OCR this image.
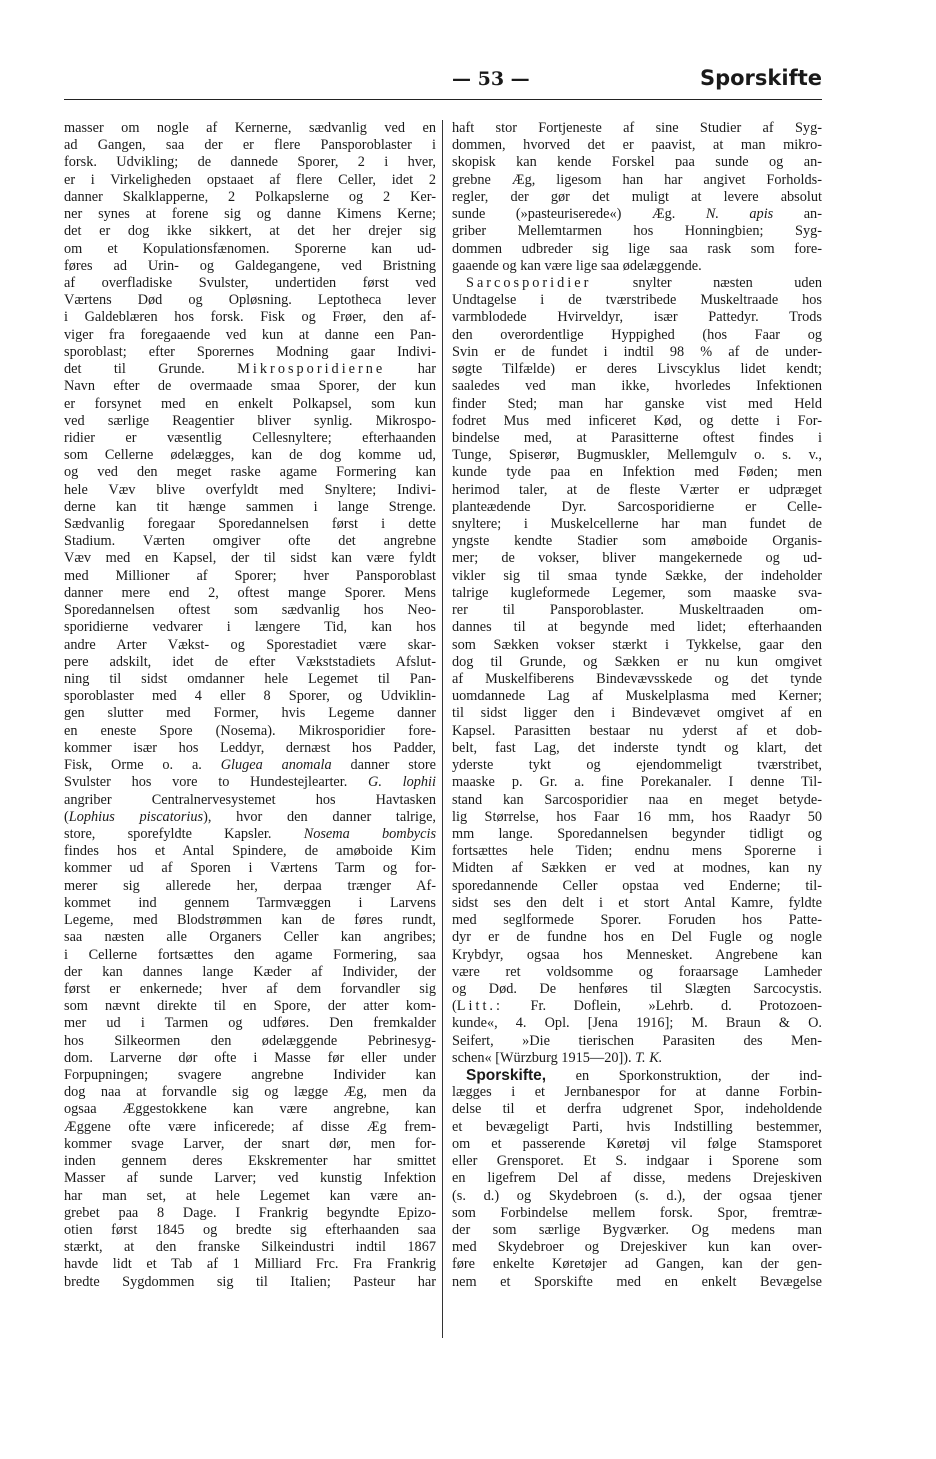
— 53 —	Sporskifte
masser om nogle af Kernerne, sædvanlig ved en
ad Gangen, saa der er flere Pansporoblaster i
forsk. Udvikling; de dannede Sporer, 2 i hver,
er i Virkeligheden opstaaet af flere Celler, idet 2
danner Skalklapperne, 2 Polkapslerne og 2 Ker-
ner synes at forene sig og danne Kimens Kerne;
det er dog ikke sikkert, at det her drejer sig
om et Kopulationsfænomen. Sporerne kan ud-
føres ad Urin- og Galdegangene, ved Bristning
af overfladiske Svulster, undertiden først ved
Værtens Død og Opløsning. Leptotheca lever
i Galdeblæren hos forsk. Fisk og Frøer, den af-
viger fra foregaaende ved kun at danne een Pan-
sporoblast; efter Sporernes Modning gaar Indivi-
det til Grunde. Mikrosporidierne har
Navn efter de overmaade smaa Sporer, der kun
er forsynet med en enkelt Polkapsel, som kun
ved særlige Reagentier bliver synlig. Mikrospo-
ridier er væsentlig Cellesnyltere; efterhaanden
som Cellerne ødelægges, kan de dog komme ud,
og ved den meget raske agame Formering kan
hele Væv blive overfyldt med Snyltere; Indivi-
derne kan tit hænge sammen i lange Strenge.
Sædvanlig foregaar Sporedannelsen først i dette
Stadium. Værten omgiver ofte det angrebne
Væv med en Kapsel, der til sidst kan være fyldt
med Millioner af Sporer; hver Pansporoblast
danner mere end 2, oftest mange Sporer. Mens
Sporedannelsen oftest som sædvanlig hos Neo-
sporidierne vedvarer i længere Tid, kan hos
andre Arter Vækst- og Sporestadiet være skar-
pere adskilt, idet de efter Vækststadiets Afslut-
ning til sidst omdanner hele Legemet til Pan-
sporoblaster med 4 eller 8 Sporer, og Udviklin-
gen slutter med Former, hvis Legeme danner
en eneste Spore (Nosema). Mikrosporidier fore-
kommer især hos Leddyr, dernæst hos Padder,
Fisk, Orme o. a. Glugea anomala danner store
Svulster hos vore to Hundestejlearter. G. lophii
angriber Centralnervesystemet hos Havtasken
(Lophius piscatorius), hvor den danner talrige,
store, sporefyldte Kapsler. Nosema bombycis
findes hos et Antal Spindere, de amøboide Kim
kommer ud af Sporen i Værtens Tarm og for-
merer sig allerede her, derpaa trænger Af-
kommet ind gennem Tarmvæggen i Larvens
Legeme, med Blodstrømmen kan de føres rundt,
saa næsten alle Organers Celler kan angribes;
i Cellerne fortsættes den agame Formering, saa
der kan dannes lange Kæder af Individer, der
først er enkernede; hver af dem forvandler sig
som nævnt direkte til en Spore, der atter kom-
mer ud i Tarmen og udføres. Den fremkalder
hos Silkeormen den ødelæggende Pebrinesyg-
dom. Larverne dør ofte i Masse før eller under
Forpupningen; svagere angrebne Individer kan
dog naa at forvandle sig og lægge Æg, men da
ogsaa Æggestokkene kan være angrebne, kan
Æggene ofte være inficerede; af disse Æg frem-
kommer svage Larver, der snart dør, men for-
inden gennem deres Ekskrementer har smittet
Masser af sunde Larver; ved kunstig Infektion
har man set, at hele Legemet kan være an-
grebet paa 8 Dage. I Frankrig begyndte Epizo-
otien først 1845 og bredte sig efterhaanden saa
stærkt, at den franske Silkeindustri indtil 1867
havde lidt et Tab af 1 Milliard Frc. Fra Frankrig
bredte Sygdommen sig til Italien; Pasteur har
haft stor Fortjeneste af sine Studier af Syg-
dommen, hvorved det er paavist, at man mikro-
skopisk kan kende Forskel paa sunde og an-
grebne Æg, ligesom han har angivet Forholds-
regler, der gør det muligt at levere absolut
sunde (»pasteuriserede«) Æg. N. apis an-
griber Mellemtarmen hos Honningbien; Syg-
dommen udbreder sig lige saa rask som fore-
gaaende og kan være lige saa ødelæggende.
Sarcosporidier snylter næsten uden
Undtagelse i de tværstribede Muskeltraade hos
varmblodede Hvirveldyr, især Pattedyr. Trods
den overordentlige Hyppighed (hos Faar og
Svin er de fundet i indtil 98 % af de under-
søgte Tilfælde) er deres Livscyklus lidet kendt;
saaledes ved man ikke, hvorledes Infektionen
finder Sted; man har ganske vist med Held
fodret Mus med inficeret Kød, og dette i For-
bindelse med, at Parasitterne oftest findes i
Tunge, Spiserør, Bugmuskler, Mellemgulv o. s. v.,
kunde tyde paa en Infektion med Føden; men
herimod taler, at de fleste Værter er udpræget
planteædende Dyr. Sarcosporidierne er Celle-
snyltere; i Muskelcellerne har man fundet de
yngste kendte Stadier som amøboide Organis-
mer; de vokser, bliver mangekernede og ud-
vikler sig til smaa tynde Sække, der indeholder
talrige kugleformede Legemer, som maaske sva-
rer til Pansporoblaster. Muskeltraaden om-
dannes til at begynde med lidet; efterhaanden
som Sækken vokser stærkt i Tykkelse, gaar den
dog til Grunde, og Sækken er nu kun omgivet
af Muskelfiberens Bindevævsskede og det tynde
uomdannede Lag af Muskelplasma med Kerner;
til sidst ligger den i Bindevævet omgivet af en
Kapsel. Parasitten bestaar nu yderst af et dob-
belt, fast Lag, det inderste tyndt og klart, det
yderste tykt og ejendommeligt tværstribet,
maaske p. Gr. a. fine Porekanaler. I denne Til-
stand kan Sarcosporidier naa en meget betyde-
lig Størrelse, hos Faar 16 mm, hos Raadyr 50
mm lange. Sporedannelsen begynder tidligt og
fortsættes hele Tiden; endnu mens Sporerne i
Midten af Sækken er ved at modnes, kan ny
sporedannende Celler opstaa ved Enderne; til-
sidst ses den delt i et stort Antal Kamre, fyldte
med seglformede Sporer. Foruden hos Patte-
dyr er de fundne hos en Del Fugle og nogle
Krybdyr, ogsaa hos Mennesket. Angrebene kan
være ret voldsomme og foraarsage Lamheder
og Død. De henføres til Slægten Sarcocystis.
(Litt.: Fr. Doflein, »Lehrb. d. Protozoen-
kunde«, 4. Opl. [Jena 1916]; M. Braun & O.
Seifert, »Die tierischen Parasiten des Men-
schen« [Würzburg 1915—20]). T. K.
Sporskifte, en Sporkonstruktion, der ind-
lægges i et Jernbanespor for at danne Forbin-
delse til et derfra udgrenet Spor, indeholdende
et bevægeligt Parti, hvis Indstilling bestemmer,
om et passerende Køretøj vil følge Stamsporet
eller Grensporet. Et S. indgaar i Sporene som
en ligefrem Del af disse, medens Drejeskiven
(s. d.) og Skydebroen (s. d.), der ogsaa tjener
som Forbindelse mellem forsk. Spor, fremtræ-
der som særlige Bygværker. Og medens man
med Skydebroer og Drejeskiver kun kan over-
føre enkelte Køretøjer ad Gangen, kan der gen-
nem et Sporskifte med en enkelt Bevægelse
